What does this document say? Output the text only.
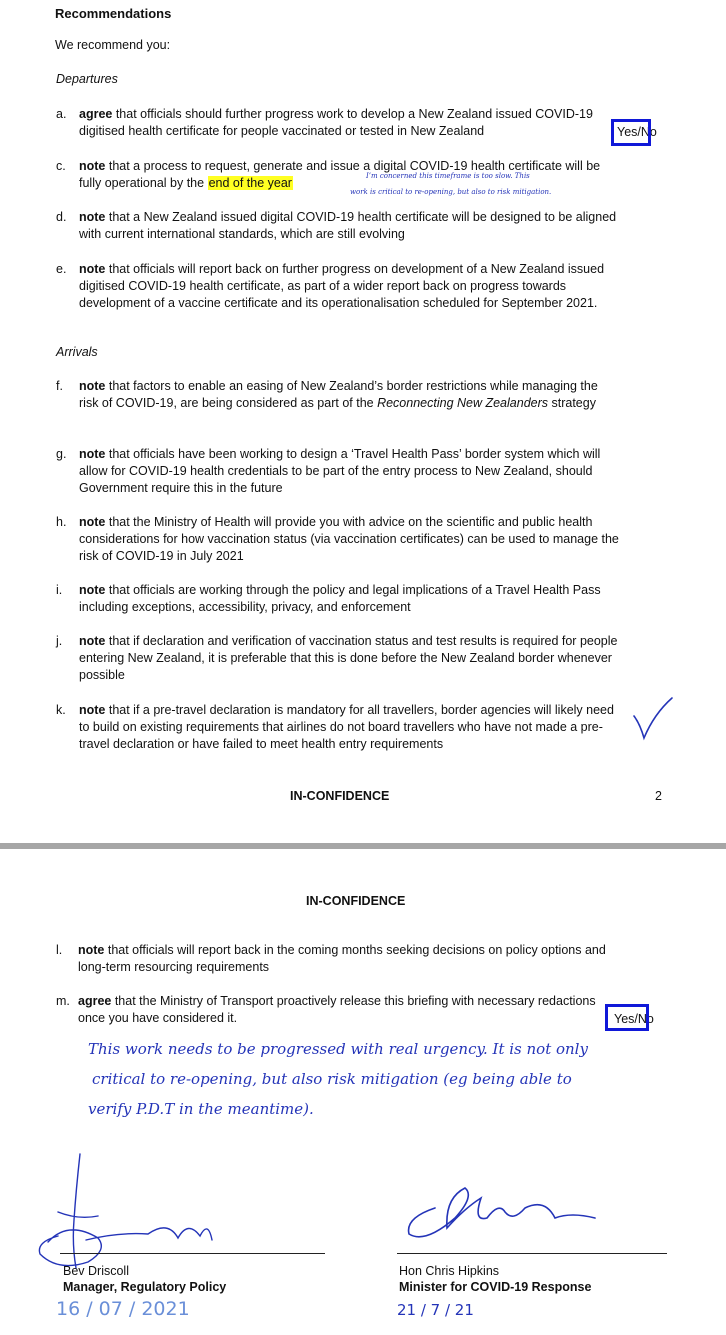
Recommendations
We recommend you:
Departures
a. agree that officials should further progress work to develop a New Zealand issued COVID-19 digitised health certificate for people vaccinated or tested in New Zealand	Yes/No
c. note that a process to request, generate and issue a digital COVID-19 health certificate will be fully operational by the end of the year	I’m concerned this timeframe is too slow. This
work is critical to re-opening, but also to risk mitigation.
d. note that a New Zealand issued digital COVID-19 health certificate will be designed to be aligned with current international standards, which are still evolving
e. note that officials will report back on further progress on development of a New Zealand issued digitised COVID-19 health certificate, as part of a wider report back on progress towards development of a vaccine certificate and its operationalisation scheduled for September 2021.
Arrivals
f. note that factors to enable an easing of New Zealand’s border restrictions while managing the risk of COVID-19, are being considered as part of the Reconnecting New Zealanders strategy
g. note that officials have been working to design a ‘Travel Health Pass’ border system which will allow for COVID-19 health credentials to be part of the entry process to New Zealand, should Government require this in the future
h. note that the Ministry of Health will provide you with advice on the scientific and public health considerations for how vaccination status (via vaccination certificates) can be used to manage the risk of COVID-19 in July 2021
i. note that officials are working through the policy and legal implications of a Travel Health Pass including exceptions, accessibility, privacy, and enforcement
j. note that if declaration and verification of vaccination status and test results is required for people entering New Zealand, it is preferable that this is done before the New Zealand border whenever possible
k. note that if a pre-travel declaration is mandatory for all travellers, border agencies will likely need to build on existing requirements that airlines do not board travellers who have not made a pre-travel declaration or have failed to meet health entry requirements
IN-CONFIDENCE	2
IN-CONFIDENCE
l. note that officials will report back in the coming months seeking decisions on policy options and long-term resourcing requirements
m. agree that the Ministry of Transport proactively release this briefing with necessary redactions once you have considered it.	Yes/No
This work needs to be progressed with real urgency. It is not only
critical to re-opening, but also risk mitigation (eg being able to
verify P.D.T in the meantime).
Bev Driscoll
Manager, Regulatory Policy
16 / 07 / 2021
Hon Chris Hipkins
Minister for COVID-19 Response
21 / 7 / 21
